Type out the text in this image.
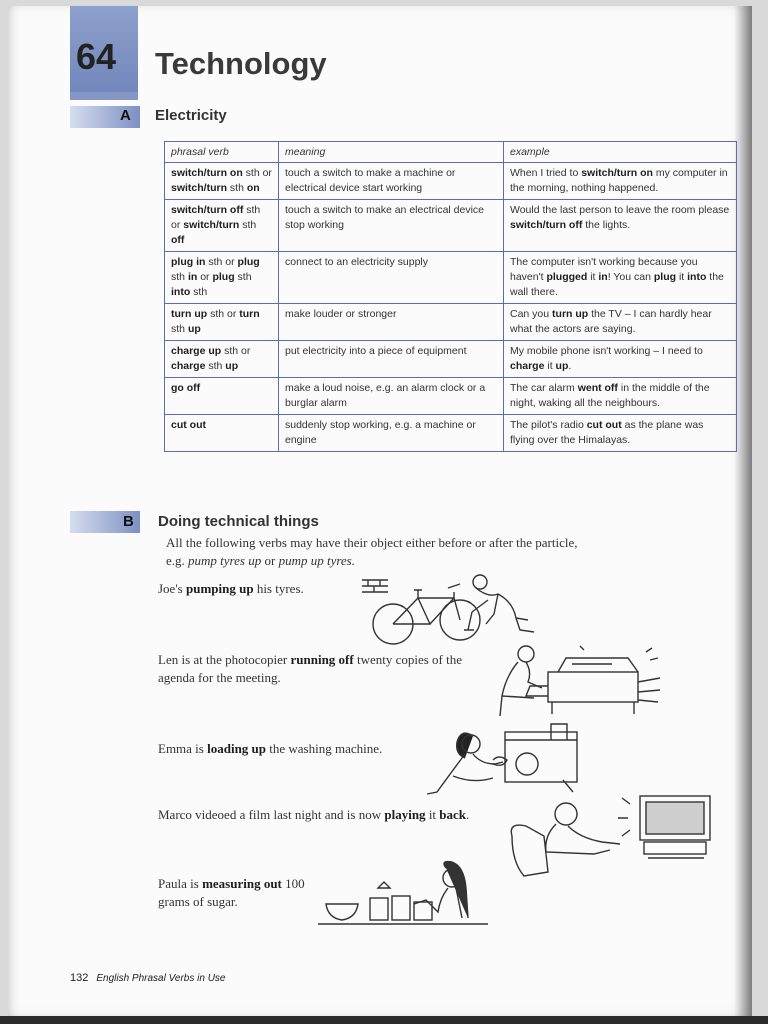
64 Technology
A Electricity
phrasal verb	meaning	example
switch/turn on sth or switch/turn sth on	touch a switch to make a machine or electrical device start working	When I tried to switch/turn on my computer in the morning, nothing happened.
switch/turn off sth or switch/turn sth off	touch a switch to make an electrical device stop working	Would the last person to leave the room please switch/turn off the lights.
plug in sth or plug sth in or plug sth into sth	connect to an electricity supply	The computer isn't working because you haven't plugged it in! You can plug it into the wall there.
turn up sth or turn sth up	make louder or stronger	Can you turn up the TV – I can hardly hear what the actors are saying.
charge up sth or charge sth up	put electricity into a piece of equipment	My mobile phone isn't working – I need to charge it up.
go off	make a loud noise, e.g. an alarm clock or a burglar alarm	The car alarm went off in the middle of the night, waking all the neighbours.
cut out	suddenly stop working, e.g. a machine or engine	The pilot's radio cut out as the plane was flying over the Himalayas.
B Doing technical things
All the following verbs may have their object either before or after the particle,
e.g. pump tyres up or pump up tyres.
Joe's pumping up his tyres.
Len is at the photocopier running off twenty copies of the agenda for the meeting.
Emma is loading up the washing machine.
Marco videoed a film last night and is now playing it back.
Paula is measuring out 100 grams of sugar.
132 English Phrasal Verbs in Use
